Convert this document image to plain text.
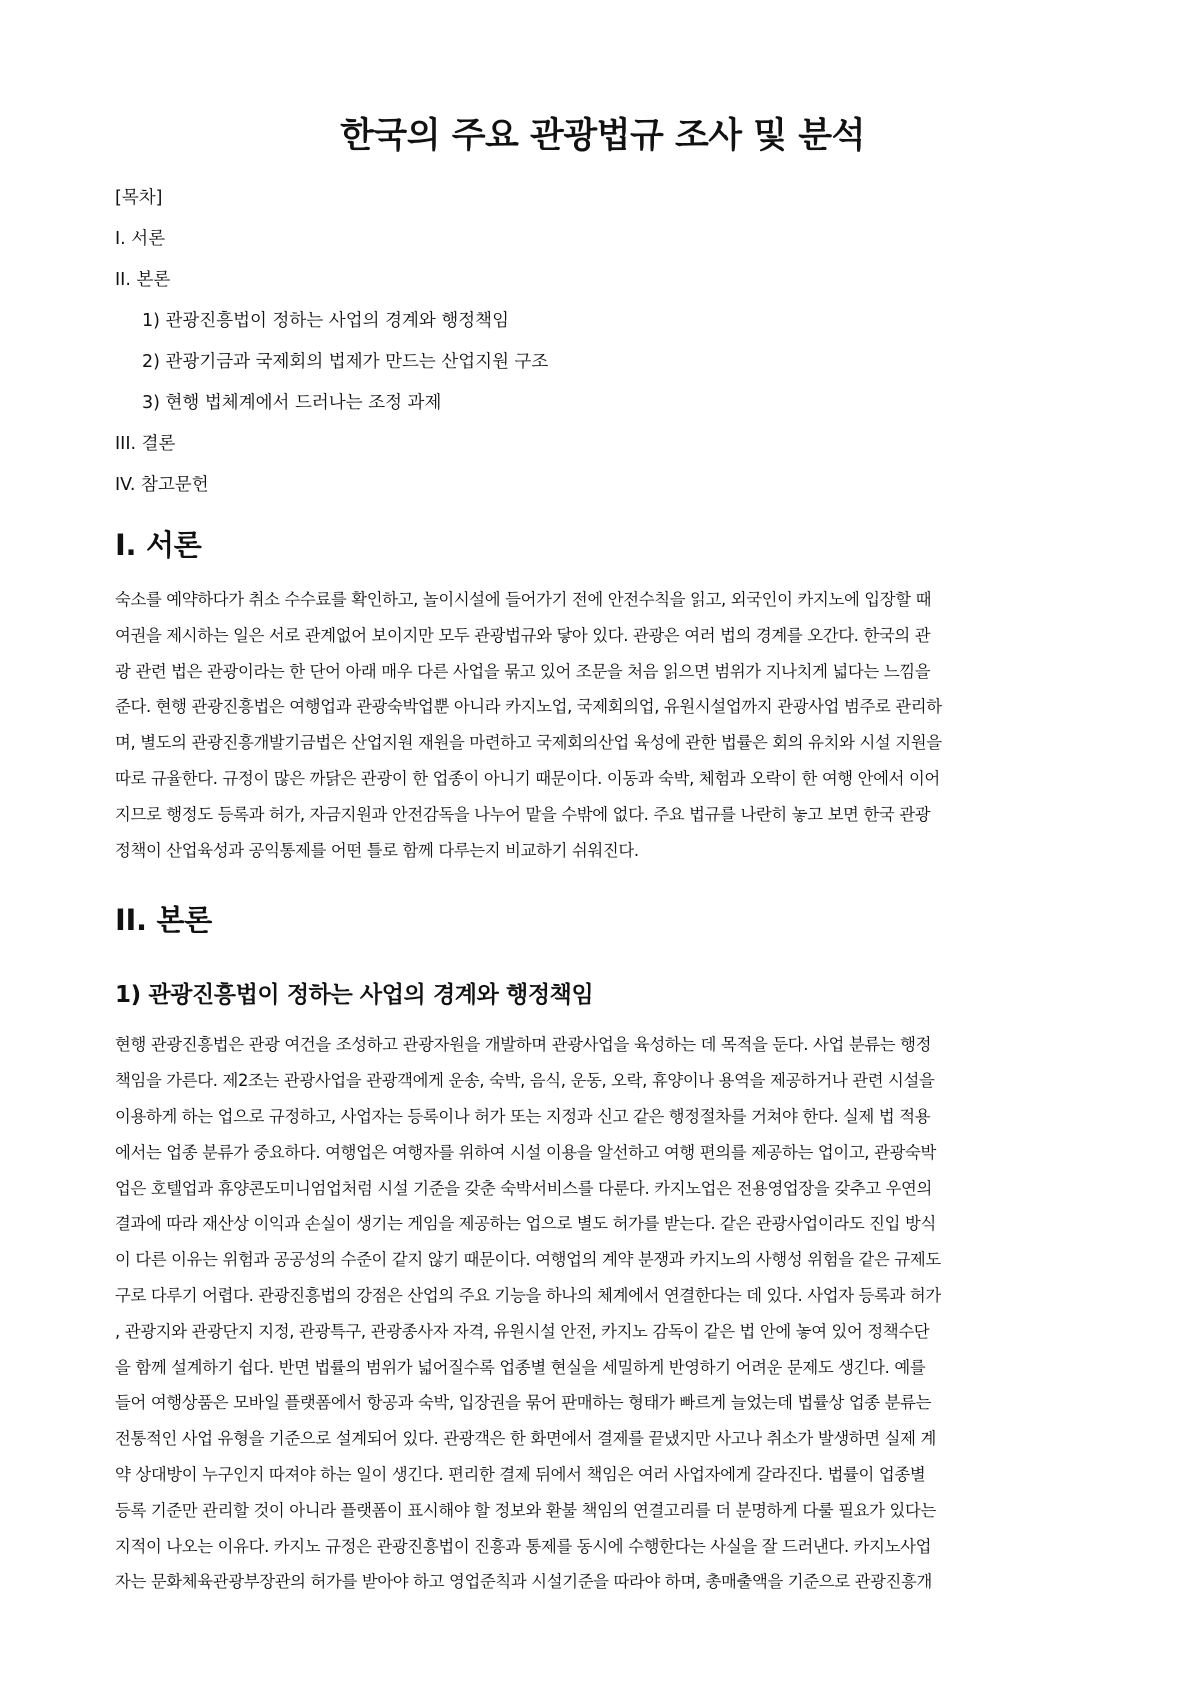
한국의 주요 관광법규 조사 및 분석
[목차]
I. 서론
II. 본론
1) 관광진흥법이 정하는 사업의 경계와 행정책임
2) 관광기금과 국제회의 법제가 만드는 산업지원 구조
3) 현행 법체계에서 드러나는 조정 과제
III. 결론
IV. 참고문헌
I. 서론

숙소를 예약하다가 취소 수수료를 확인하고, 놀이시설에 들어가기 전에 안전수칙을 읽고, 외국인이 카지노에 입장할 때
여권을 제시하는 일은 서로 관계없어 보이지만 모두 관광법규와 닿아 있다. 관광은 여러 법의 경계를 오간다. 한국의 관
광 관련 법은 관광이라는 한 단어 아래 매우 다른 사업을 묶고 있어 조문을 처음 읽으면 범위가 지나치게 넓다는 느낌을
준다. 현행 관광진흥법은 여행업과 관광숙박업뿐 아니라 카지노업, 국제회의업, 유원시설업까지 관광사업 범주로 관리하
며, 별도의 관광진흥개발기금법은 산업지원 재원을 마련하고 국제회의산업 육성에 관한 법률은 회의 유치와 시설 지원을
따로 규율한다. 규정이 많은 까닭은 관광이 한 업종이 아니기 때문이다. 이동과 숙박, 체험과 오락이 한 여행 안에서 이어
지므로 행정도 등록과 허가, 자금지원과 안전감독을 나누어 맡을 수밖에 없다. 주요 법규를 나란히 놓고 보면 한국 관광
정책이 산업육성과 공익통제를 어떤 틀로 함께 다루는지 비교하기 쉬워진다.

II. 본론
1) 관광진흥법이 정하는 사업의 경계와 행정책임

현행 관광진흥법은 관광 여건을 조성하고 관광자원을 개발하며 관광사업을 육성하는 데 목적을 둔다. 사업 분류는 행정
책임을 가른다. 제2조는 관광사업을 관광객에게 운송, 숙박, 음식, 운동, 오락, 휴양이나 용역을 제공하거나 관련 시설을
이용하게 하는 업으로 규정하고, 사업자는 등록이나 허가 또는 지정과 신고 같은 행정절차를 거쳐야 한다. 실제 법 적용
에서는 업종 분류가 중요하다. 여행업은 여행자를 위하여 시설 이용을 알선하고 여행 편의를 제공하는 업이고, 관광숙박
업은 호텔업과 휴양콘도미니엄업처럼 시설 기준을 갖춘 숙박서비스를 다룬다. 카지노업은 전용영업장을 갖추고 우연의
결과에 따라 재산상 이익과 손실이 생기는 게임을 제공하는 업으로 별도 허가를 받는다. 같은 관광사업이라도 진입 방식
이 다른 이유는 위험과 공공성의 수준이 같지 않기 때문이다. 여행업의 계약 분쟁과 카지노의 사행성 위험을 같은 규제도
구로 다루기 어렵다. 관광진흥법의 강점은 산업의 주요 기능을 하나의 체계에서 연결한다는 데 있다. 사업자 등록과 허가
, 관광지와 관광단지 지정, 관광특구, 관광종사자 자격, 유원시설 안전, 카지노 감독이 같은 법 안에 놓여 있어 정책수단
을 함께 설계하기 쉽다. 반면 법률의 범위가 넓어질수록 업종별 현실을 세밀하게 반영하기 어려운 문제도 생긴다. 예를
들어 여행상품은 모바일 플랫폼에서 항공과 숙박, 입장권을 묶어 판매하는 형태가 빠르게 늘었는데 법률상 업종 분류는
전통적인 사업 유형을 기준으로 설계되어 있다. 관광객은 한 화면에서 결제를 끝냈지만 사고나 취소가 발생하면 실제 계
약 상대방이 누구인지 따져야 하는 일이 생긴다. 편리한 결제 뒤에서 책임은 여러 사업자에게 갈라진다. 법률이 업종별
등록 기준만 관리할 것이 아니라 플랫폼이 표시해야 할 정보와 환불 책임의 연결고리를 더 분명하게 다룰 필요가 있다는
지적이 나오는 이유다. 카지노 규정은 관광진흥법이 진흥과 통제를 동시에 수행한다는 사실을 잘 드러낸다. 카지노사업
자는 문화체육관광부장관의 허가를 받아야 하고 영업준칙과 시설기준을 따라야 하며, 총매출액을 기준으로 관광진흥개
